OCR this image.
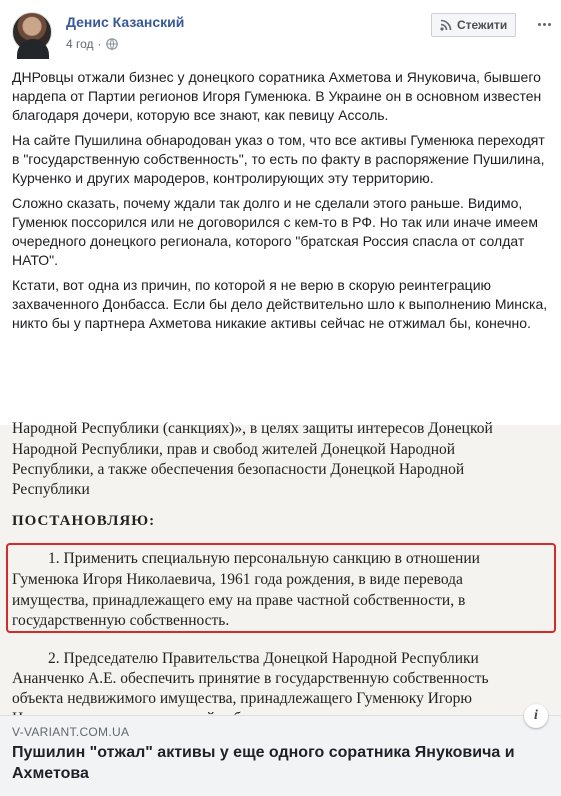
Денис Казанский
4 год ·
Стежити

ДНРовцы отжали бизнес у донецкого соратника Ахметова и Януковича, бывшего нардепа от Партии регионов Игоря Гуменюка. В Украине он в основном известен благодаря дочери, которую все знают, как певицу Ассоль.

На сайте Пушилина обнародован указ о том, что все активы Гуменюка переходят в "государственную собственность", то есть по факту в распоряжение Пушилина, Курченко и других мародеров, контролирующих эту территорию.

Сложно сказать, почему ждали так долго и не сделали этого раньше. Видимо, Гуменюк поссорился или не договорился с кем-то в РФ. Но так или иначе имеем очередного донецкого регионала, которого "братская Россия спасла от солдат НАТО".

Кстати, вот одна из причин, по которой я не верю в скорую реинтеграцию захваченного Донбасса. Если бы дело действительно шло к выполнению Минска, никто бы у партнера Ахметова никакие активы сейчас не отжимал бы, конечно.

Народной Республики (санкциях)», в целях защиты интересов Донецкой
Народной Республики, прав и свобод жителей Донецкой Народной
Республики, а также обеспечения безопасности Донецкой Народной
Республики
ПОСТАНОВЛЯЮ:
1. Применить специальную персональную санкцию в отношении
Гуменюка Игоря Николаевича, 1961 года рождения, в виде перевода
имущества, принадлежащего ему на праве частной собственности, в
государственную собственность.
2. Председателю Правительства Донецкой Народной Республики
Ананченко А.Е. обеспечить принятие в государственную собственность
объекта недвижимого имущества, принадлежащего Гуменюку Игорю
i
V-VARIANT.COM.UA
Пушилин "отжал" активы у еще одного соратника Януковича и Ахметова
